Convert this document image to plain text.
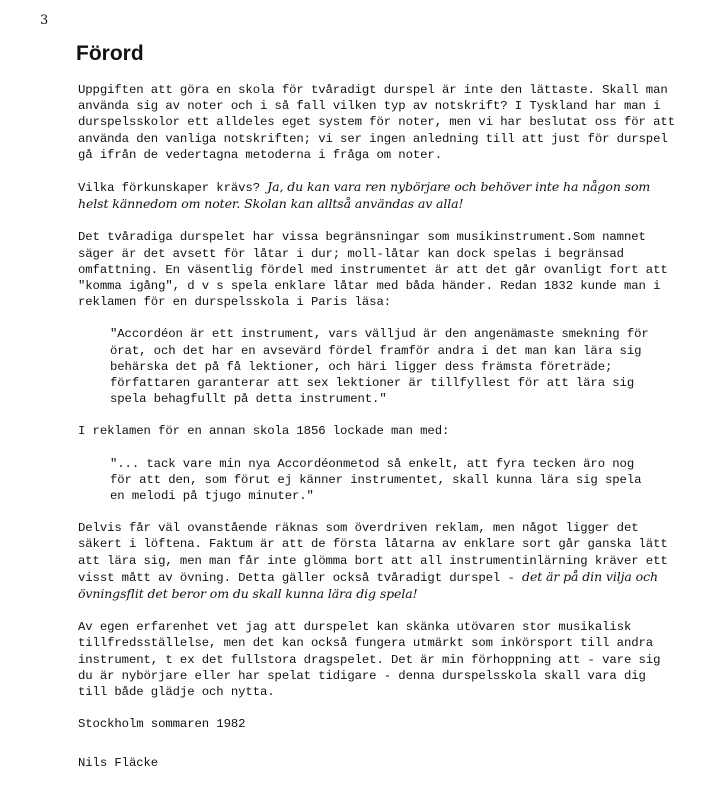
3
Förord

Uppgiften att göra en skola för tvåradigt durspel är inte den lättaste. Skall man använda sig av noter och i så fall vilken typ av notskrift? I Tyskland har man i durspelsskolor ett alldeles eget system för noter, men vi har beslutat oss för att använda den vanliga notskriften; vi ser ingen anledning till att just för durspel gå ifrån de vedertagna metoderna i fråga om noter.

Vilka förkunskaper krävs? Ja, du kan vara ren nybörjare och behöver inte ha någon som helst kännedom om noter. Skolan kan alltså användas av alla!

Det tvåradiga durspelet har vissa begränsningar som musikinstrument.Som namnet säger är det avsett för låtar i dur; moll-låtar kan dock spelas i begränsad omfattning. En väsentlig fördel med instrumentet är att det går ovanligt fort att "komma igång", d v s spela enklare låtar med båda händer. Redan 1832 kunde man i reklamen för en durspelsskola i Paris läsa:

"Accordéon är ett instrument, vars välljud är den angenämaste smekning för örat, och det har en avsevärd fördel framför andra i det man kan lära sig behärska det på få lektioner, och häri ligger dess främsta företräde; författaren garanterar att sex lektioner är tillfyllest för att lära sig spela behagfullt på detta instrument."

I reklamen för en annan skola 1856 lockade man med:

"... tack vare min nya Accordéonmetod så enkelt, att fyra tecken äro nog för att den, som förut ej känner instrumentet, skall kunna lära sig spela en melodi på tjugo minuter."

Delvis får väl ovanstående räknas som överdriven reklam, men något ligger det säkert i löftena. Faktum är att de första låtarna av enklare sort går ganska lätt att lära sig, men man får inte glömma bort att all instrumentinlärning kräver ett visst mått av övning. Detta gäller också tvåradigt durspel - det är på din vilja och övningsflit det beror om du skall kunna lära dig spela!

Av egen erfarenhet vet jag att durspelet kan skänka utövaren stor musikalisk tillfredsställelse, men det kan också fungera utmärkt som inkörsport till andra instrument, t ex det fullstora dragspelet. Det är min förhoppning att - vare sig du är nybörjare eller har spelat tidigare - denna durspelsskola skall vara dig till både glädje och nytta.

Stockholm sommaren 1982

Nils Fläcke
